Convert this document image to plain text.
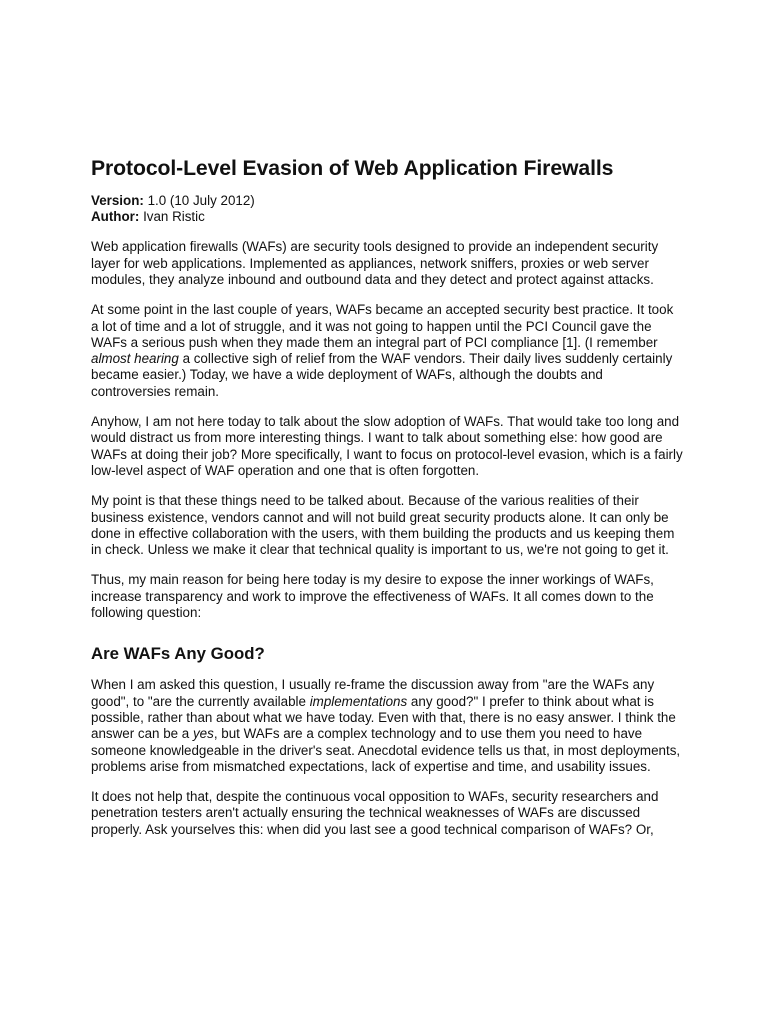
Protocol-Level Evasion of Web Application Firewalls
Version: 1.0 (10 July 2012)
Author: Ivan Ristic

Web application firewalls (WAFs) are security tools designed to provide an independent security layer for web applications. Implemented as appliances, network sniffers, proxies or web server modules, they analyze inbound and outbound data and they detect and protect against attacks.

At some point in the last couple of years, WAFs became an accepted security best practice. It took a lot of time and a lot of struggle, and it was not going to happen until the PCI Council gave the WAFs a serious push when they made them an integral part of PCI compliance [1]. (I remember almost hearing a collective sigh of relief from the WAF vendors. Their daily lives suddenly certainly became easier.) Today, we have a wide deployment of WAFs, although the doubts and controversies remain.

Anyhow, I am not here today to talk about the slow adoption of WAFs. That would take too long and would distract us from more interesting things. I want to talk about something else: how good are WAFs at doing their job? More specifically, I want to focus on protocol-level evasion, which is a fairly low-level aspect of WAF operation and one that is often forgotten.

My point is that these things need to be talked about. Because of the various realities of their business existence, vendors cannot and will not build great security products alone. It can only be done in effective collaboration with the users, with them building the products and us keeping them in check. Unless we make it clear that technical quality is important to us, we're not going to get it.

Thus, my main reason for being here today is my desire to expose the inner workings of WAFs, increase transparency and work to improve the effectiveness of WAFs. It all comes down to the following question:

Are WAFs Any Good?

When I am asked this question, I usually re-frame the discussion away from "are the WAFs any good", to "are the currently available implementations any good?" I prefer to think about what is possible, rather than about what we have today. Even with that, there is no easy answer. I think the answer can be a yes, but WAFs are a complex technology and to use them you need to have someone knowledgeable in the driver's seat. Anecdotal evidence tells us that, in most deployments, problems arise from mismatched expectations, lack of expertise and time, and usability issues.

It does not help that, despite the continuous vocal opposition to WAFs, security researchers and penetration testers aren't actually ensuring the technical weaknesses of WAFs are discussed properly. Ask yourselves this: when did you last see a good technical comparison of WAFs? Or,
